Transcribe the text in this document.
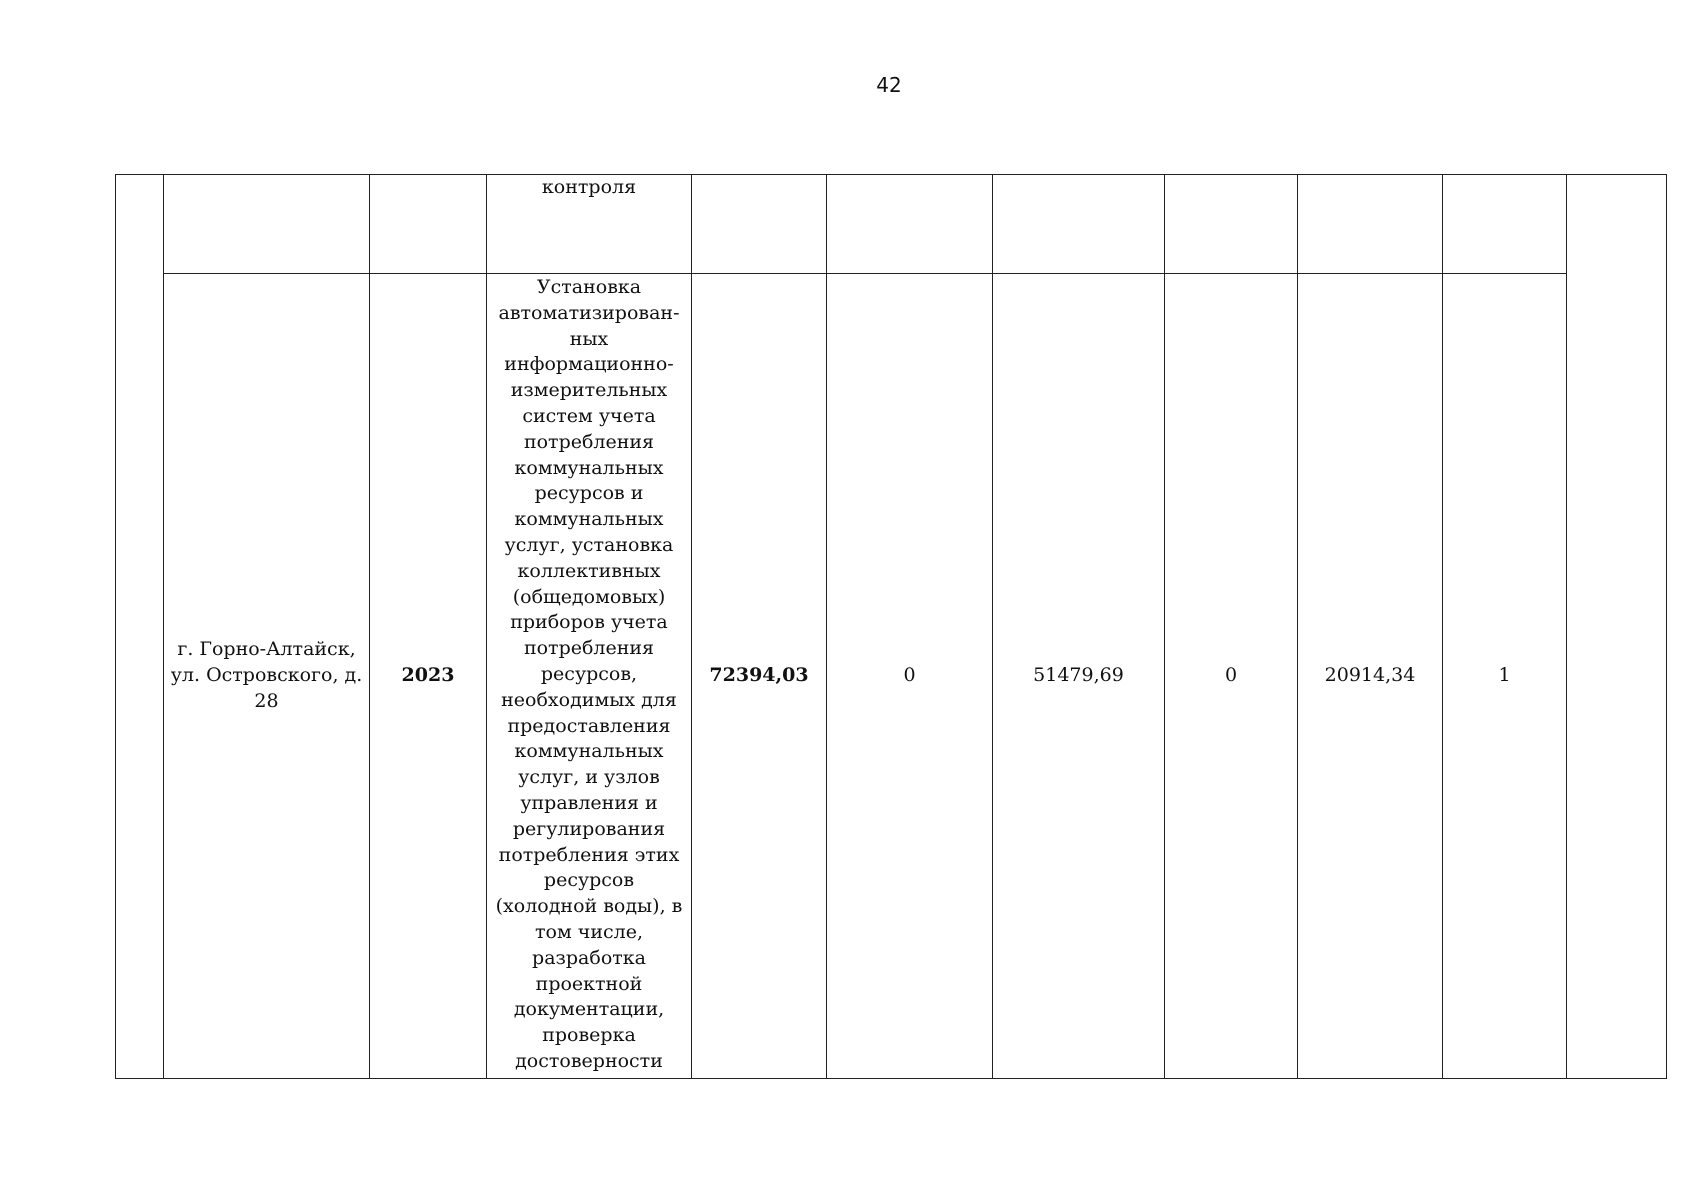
42
			контроля							
	г. Горно-Алтайск, ул. Островского, д. 28	2023	Установка автоматизирован-ных информационно-измерительных систем учета потребления коммунальных ресурсов и коммунальных услуг, установка коллективных (общедомовых) приборов учета потребления ресурсов, необходимых для предоставления коммунальных услуг, и узлов управления и регулирования потребления этих ресурсов (холодной воды), в том числе, разработка проектной документации, проверка достоверности	72394,03	0	51479,69	0	20914,34	1	
